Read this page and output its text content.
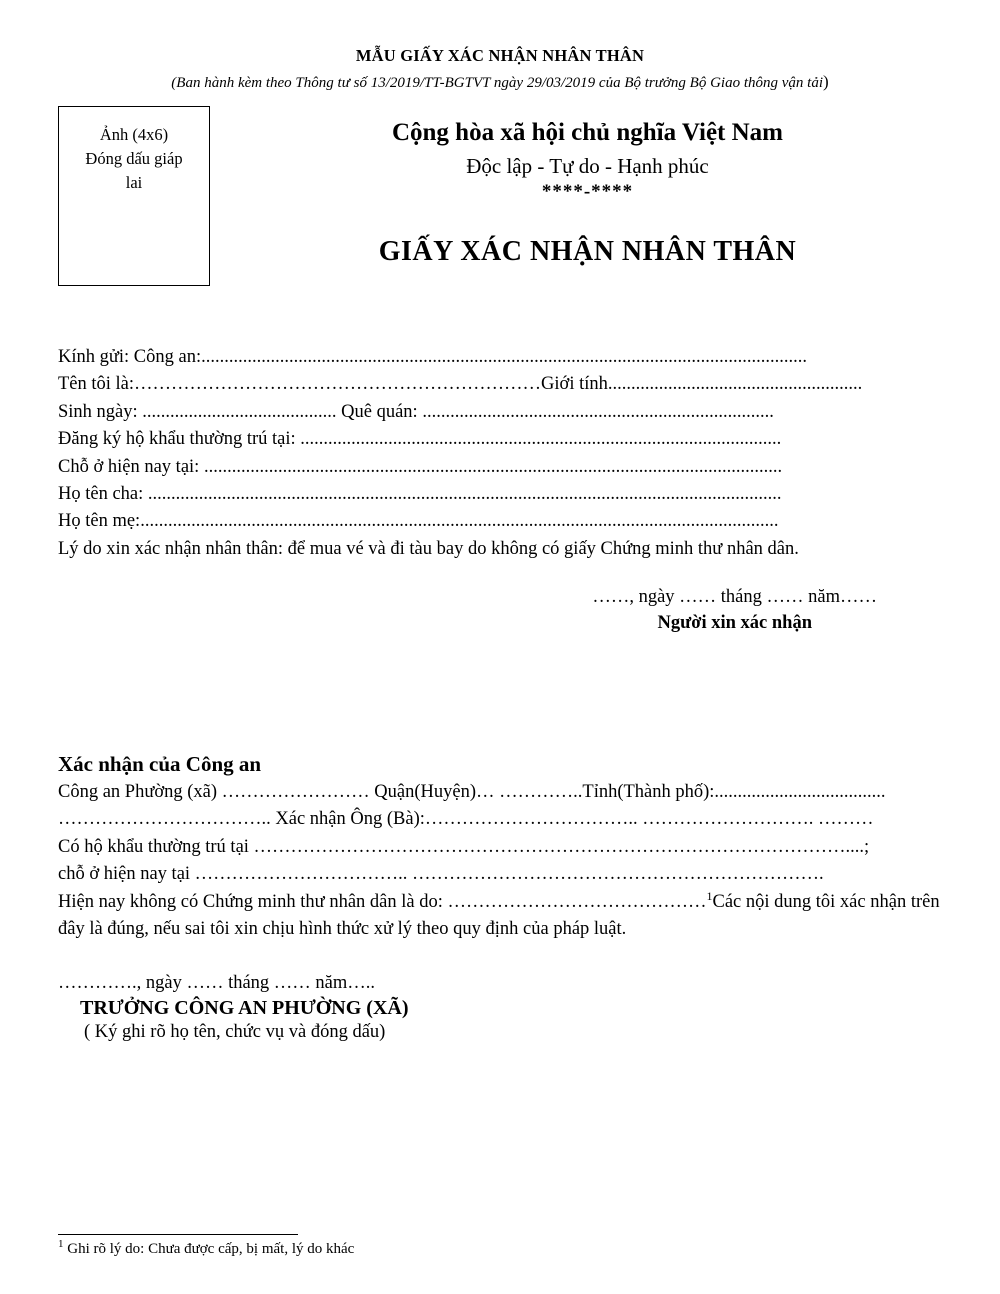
MẪU GIẤY XÁC NHẬN NHÂN THÂN
(Ban hành kèm theo Thông tư số 13/2019/TT-BGTVT ngày 29/03/2019 của Bộ trưởng Bộ Giao thông vận tải)
Ảnh (4x6)
Đóng dấu giáp
lai
Cộng hòa xã hội chủ nghĩa Việt Nam
Độc lập - Tự do - Hạnh phúc
****-****
GIẤY XÁC NHẬN NHÂN THÂN
Kính gửi: Công an:...................................................................................................................................
Tên tôi là:…………………………………………………………Giới tính.......................................................
Sinh ngày: .......................................... Quê quán: ............................................................................
Đăng ký hộ khẩu thường trú tại: ........................................................................................................
Chỗ ở hiện nay tại: .............................................................................................................................
Họ tên cha: .........................................................................................................................................
Họ tên mẹ:..........................................................................................................................................
Lý do xin xác nhận nhân thân: để mua vé và đi tàu bay do không có giấy Chứng minh thư nhân dân.
……, ngày …… tháng …… năm……
Người xin xác nhận
Xác nhận của Công an
Công an Phường (xã) …………………… Quận(Huyện)… …………..Tỉnh(Thành phố):.....................................
…………………………….. Xác nhận Ông (Bà):…………………………….. ………………………. ………
Có hộ khẩu thường trú tại ……………………………………………………………………………………....;
chỗ ở hiện nay tại …………………………….. ………………………………………………………….
Hiện nay không có Chứng minh thư nhân dân là do: ……………………………………$^1$Các nội dung tôi xác nhận trên đây là đúng, nếu sai tôi xin chịu hình thức xử lý theo quy định của pháp luật.
…………., ngày …… tháng …… năm…..
TRƯỞNG CÔNG AN PHƯỜNG (XÃ)
( Ký ghi rõ họ tên, chức vụ và đóng dấu)
$^1$ Ghi rõ lý do: Chưa được cấp, bị mất, lý do khác
